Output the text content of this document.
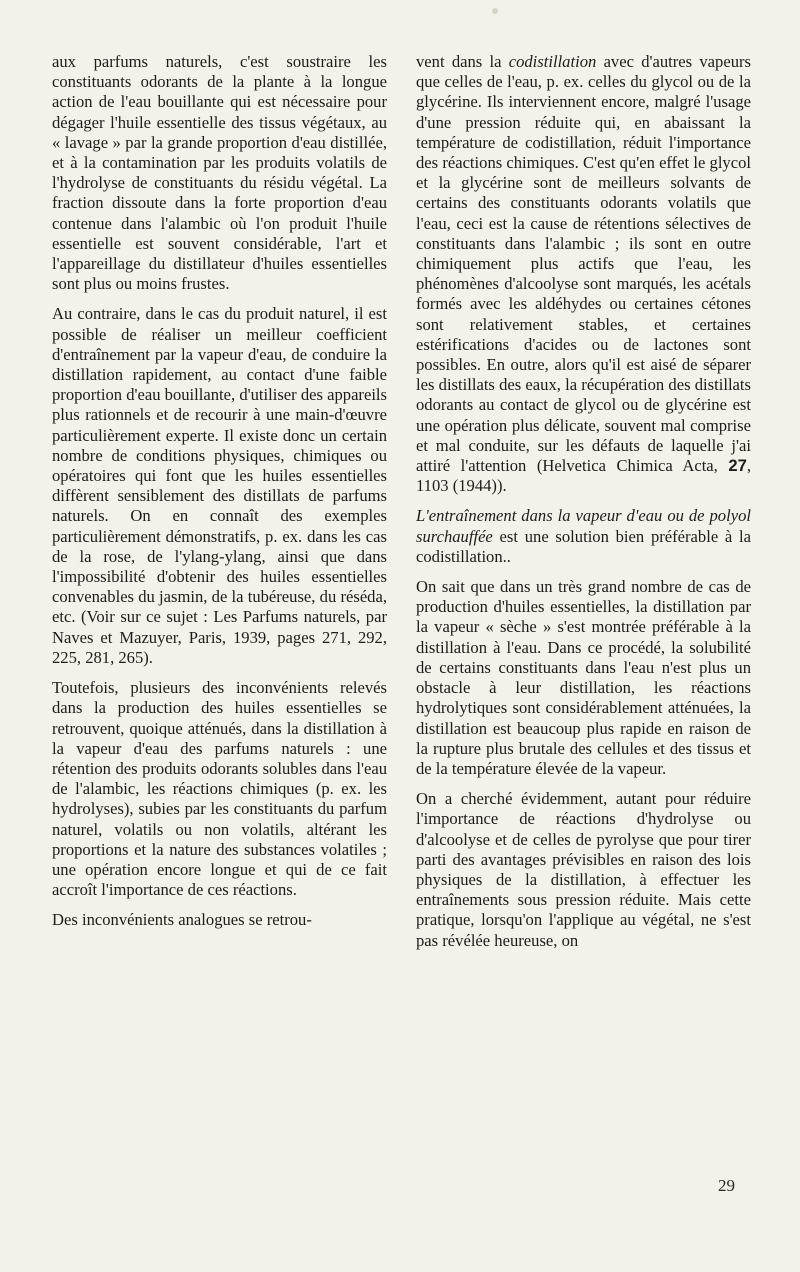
aux parfums naturels, c'est soustraire les constituants odorants de la plante à la longue action de l'eau bouillante qui est nécessaire pour dégager l'huile essentielle des tissus végétaux, au « lavage » par la grande proportion d'eau distillée, et à la contamination par les produits volatils de l'hydrolyse de constituants du résidu végétal. La fraction dissoute dans la forte proportion d'eau contenue dans l'alambic où l'on produit l'huile essentielle est souvent considérable, l'art et l'appareillage du distillateur d'huiles essentielles sont plus ou moins frustes.

Au contraire, dans le cas du produit naturel, il est possible de réaliser un meilleur coefficient d'entraînement par la vapeur d'eau, de conduire la distillation rapidement, au contact d'une faible proportion d'eau bouillante, d'utiliser des appareils plus rationnels et de recourir à une main-d'œuvre particulièrement experte. Il existe donc un certain nombre de conditions physiques, chimiques ou opératoires qui font que les huiles essentielles diffèrent sensiblement des distillats de parfums naturels. On en connaît des exemples particulièrement démonstratifs, p. ex. dans les cas de la rose, de l'ylang-ylang, ainsi que dans l'impossibilité d'obtenir des huiles essentielles convenables du jasmin, de la tubéreuse, du réséda, etc. (Voir sur ce sujet : Les Parfums naturels, par Naves et Mazuyer, Paris, 1939, pages 271, 292, 225, 281, 265).

Toutefois, plusieurs des inconvénients relevés dans la production des huiles essentielles se retrouvent, quoique atténués, dans la distillation à la vapeur d'eau des parfums naturels : une rétention des produits odorants solubles dans l'eau de l'alambic, les réactions chimiques (p. ex. les hydrolyses), subies par les constituants du parfum naturel, volatils ou non volatils, altérant les proportions et la nature des substances volatiles ; une opération encore longue et qui de ce fait accroît l'importance de ces réactions.

Des inconvénients analogues se retrou-

vent dans la codistillation avec d'autres vapeurs que celles de l'eau, p. ex. celles du glycol ou de la glycérine. Ils interviennent encore, malgré l'usage d'une pression réduite qui, en abaissant la température de codistillation, réduit l'importance des réactions chimiques. C'est qu'en effet le glycol et la glycérine sont de meilleurs solvants de certains des constituants odorants volatils que l'eau, ceci est la cause de rétentions sélectives de constituants dans l'alambic ; ils sont en outre chimiquement plus actifs que l'eau, les phénomènes d'alcoolyse sont marqués, les acétals formés avec les aldéhydes ou certaines cétones sont relativement stables, et certaines estérifications d'acides ou de lactones sont possibles. En outre, alors qu'il est aisé de séparer les distillats des eaux, la récupération des distillats odorants au contact de glycol ou de glycérine est une opération plus délicate, souvent mal comprise et mal conduite, sur les défauts de laquelle j'ai attiré l'attention (Helvetica Chimica Acta, 27, 1103 (1944)).

L'entraînement dans la vapeur d'eau ou de polyol surchauffée est une solution bien préférable à la codistillation..

On sait que dans un très grand nombre de cas de production d'huiles essentielles, la distillation par la vapeur « sèche » s'est montrée préférable à la distillation à l'eau. Dans ce procédé, la solubilité de certains constituants dans l'eau n'est plus un obstacle à leur distillation, les réactions hydrolytiques sont considérablement atténuées, la distillation est beaucoup plus rapide en raison de la rupture plus brutale des cellules et des tissus et de la température élevée de la vapeur.

On a cherché évidemment, autant pour réduire l'importance de réactions d'hydrolyse ou d'alcoolyse et de celles de pyrolyse que pour tirer parti des avantages prévisibles en raison des lois physiques de la distillation, à effectuer les entraînements sous pression réduite. Mais cette pratique, lorsqu'on l'applique au végétal, ne s'est pas révélée heureuse, on

29
